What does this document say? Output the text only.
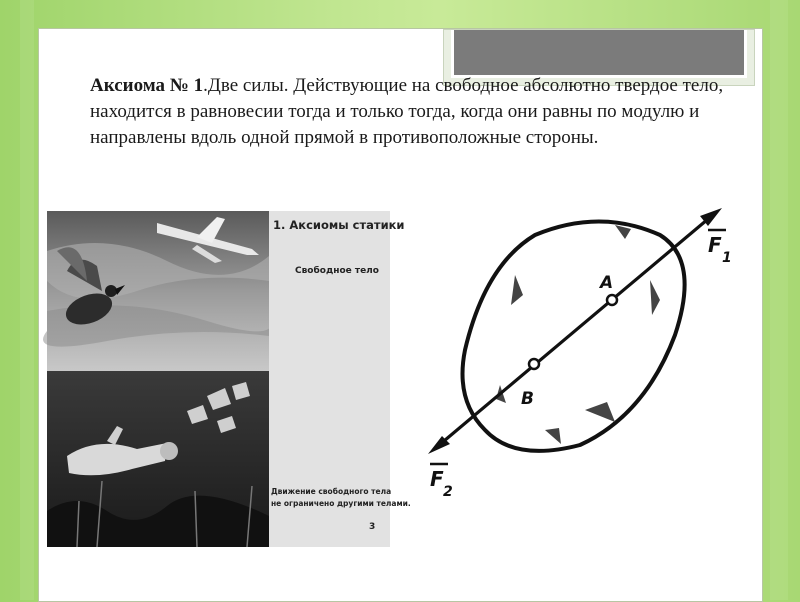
Аксиома № 1.Две силы. Действующие на свободное абсолютно твердое тело, находится в равновесии тогда и только тогда, когда они равны по модулю и направлены вдоль одной прямой в противоположные стороны.

1. Аксиомы статики
Свободное тело
Движение свободного тела
не ограничено другими телами.
3
A
B
F
1
F
2
